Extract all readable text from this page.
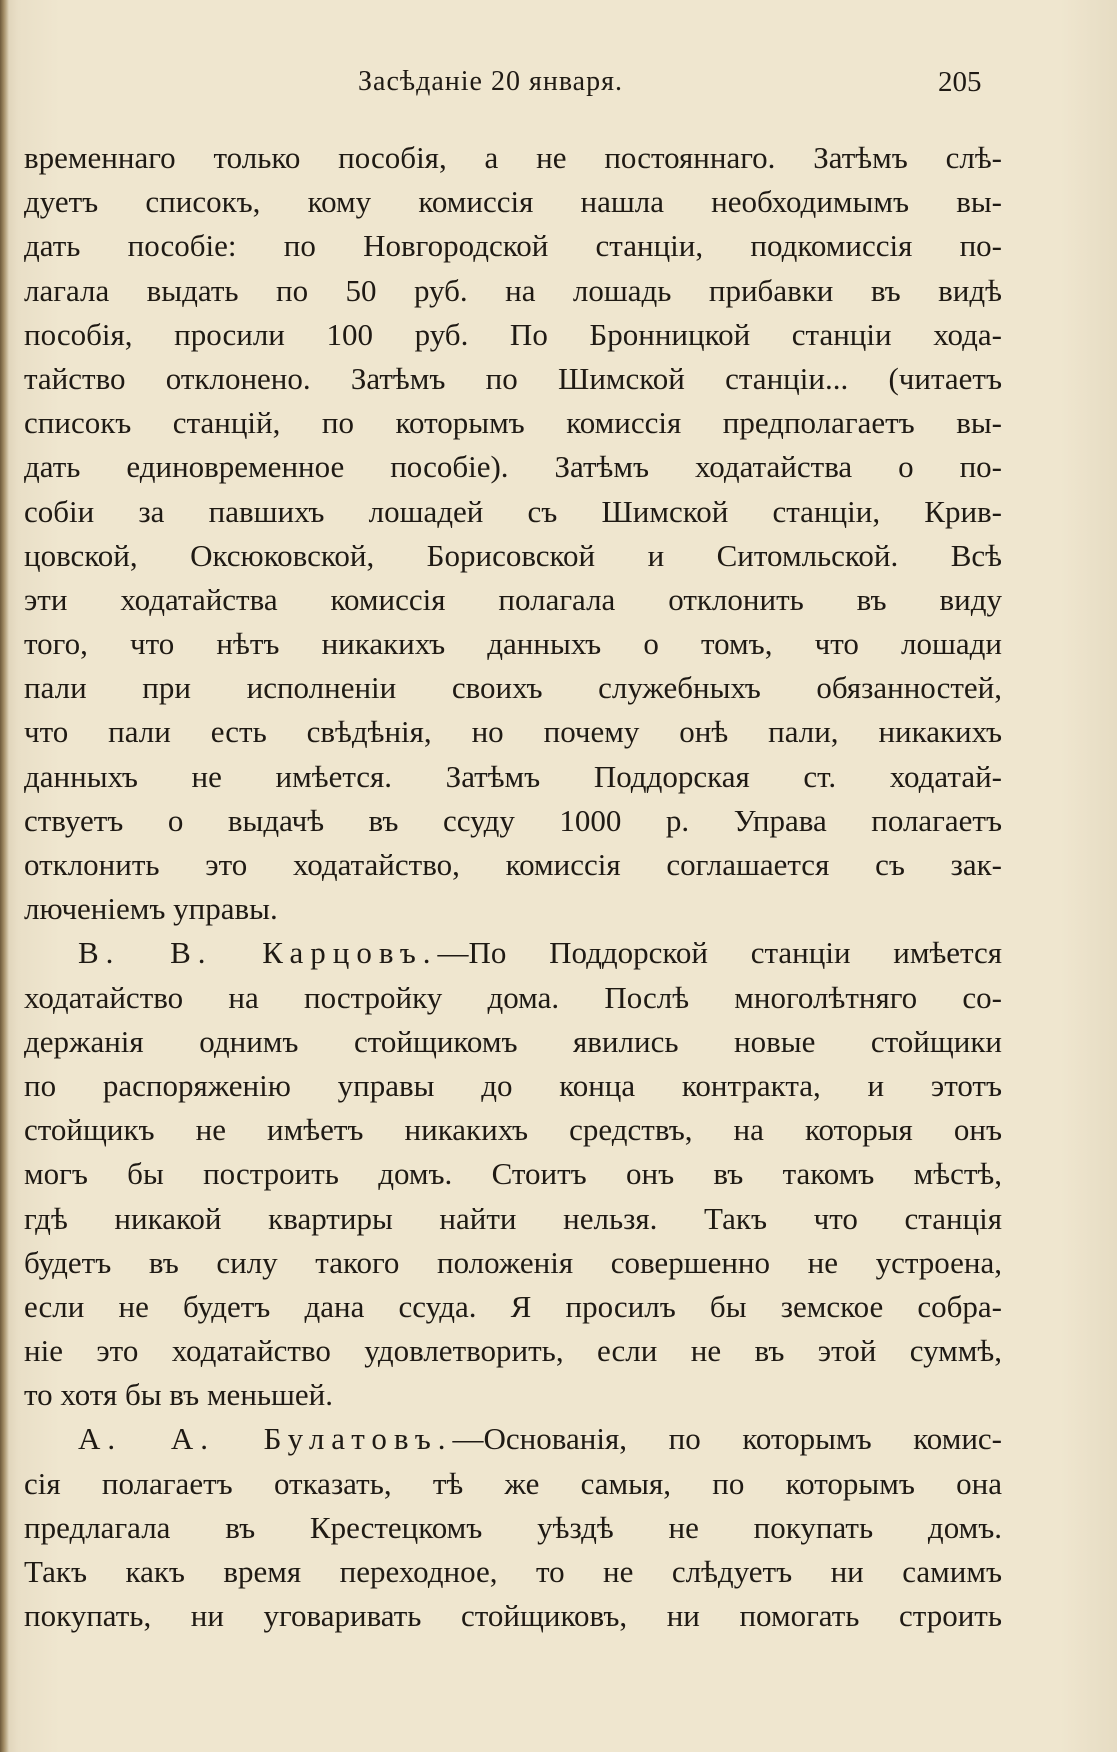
Засѣданіе 20 января.	205
временнаго только пособія, а не постояннаго. Затѣмъ слѣ-
дуетъ списокъ, кому комиссія нашла необходимымъ вы-
дать пособіе: по Новгородской станціи, подкомиссія по-
лагала выдать по 50 руб. на лошадь прибавки въ видѣ
пособія, просили 100 руб. По Бронницкой станціи хода-
тайство отклонено. Затѣмъ по Шимской станціи... (читаетъ
списокъ станцій, по которымъ комиссія предполагаетъ вы-
дать единовременное пособіе). Затѣмъ ходатайства о по-
собіи за павшихъ лошадей съ Шимской станціи, Крив-
цовской, Оксюковской, Борисовской и Ситомльской. Всѣ
эти ходатайства комиссія полагала отклонить въ виду
того, что нѣтъ никакихъ данныхъ о томъ, что лошади
пали при исполненіи своихъ служебныхъ обязанностей,
что пали есть свѣдѣнія, но почему онѣ пали, никакихъ
данныхъ не имѣется. Затѣмъ Поддорская ст. ходатай-
ствуетъ о выдачѣ въ ссуду 1000 р. Управа полагаетъ
отклонить это ходатайство, комиссія соглашается съ зак-
люченіемъ управы.
В. В. Карцовъ.—По Поддорской станціи имѣется
ходатайство на постройку дома. Послѣ многолѣтняго со-
держанія однимъ стойщикомъ явились новые стойщики
по распоряженію управы до конца контракта, и этотъ
стойщикъ не имѣетъ никакихъ средствъ, на которыя онъ
могъ бы построить домъ. Стоитъ онъ въ такомъ мѣстѣ,
гдѣ никакой квартиры найти нельзя. Такъ что станція
будетъ въ силу такого положенія совершенно не устроена,
если не будетъ дана ссуда. Я просилъ бы земское собра-
ніе это ходатайство удовлетворить, если не въ этой суммѣ,
то хотя бы въ меньшей.
А. А. Булатовъ.—Основанія, по которымъ комис-
сія полагаетъ отказать, тѣ же самыя, по которымъ она
предлагала въ Крестецкомъ уѣздѣ не покупать домъ.
Такъ какъ время переходное, то не слѣдуетъ ни самимъ
покупать, ни уговаривать стойщиковъ, ни помогать строить
